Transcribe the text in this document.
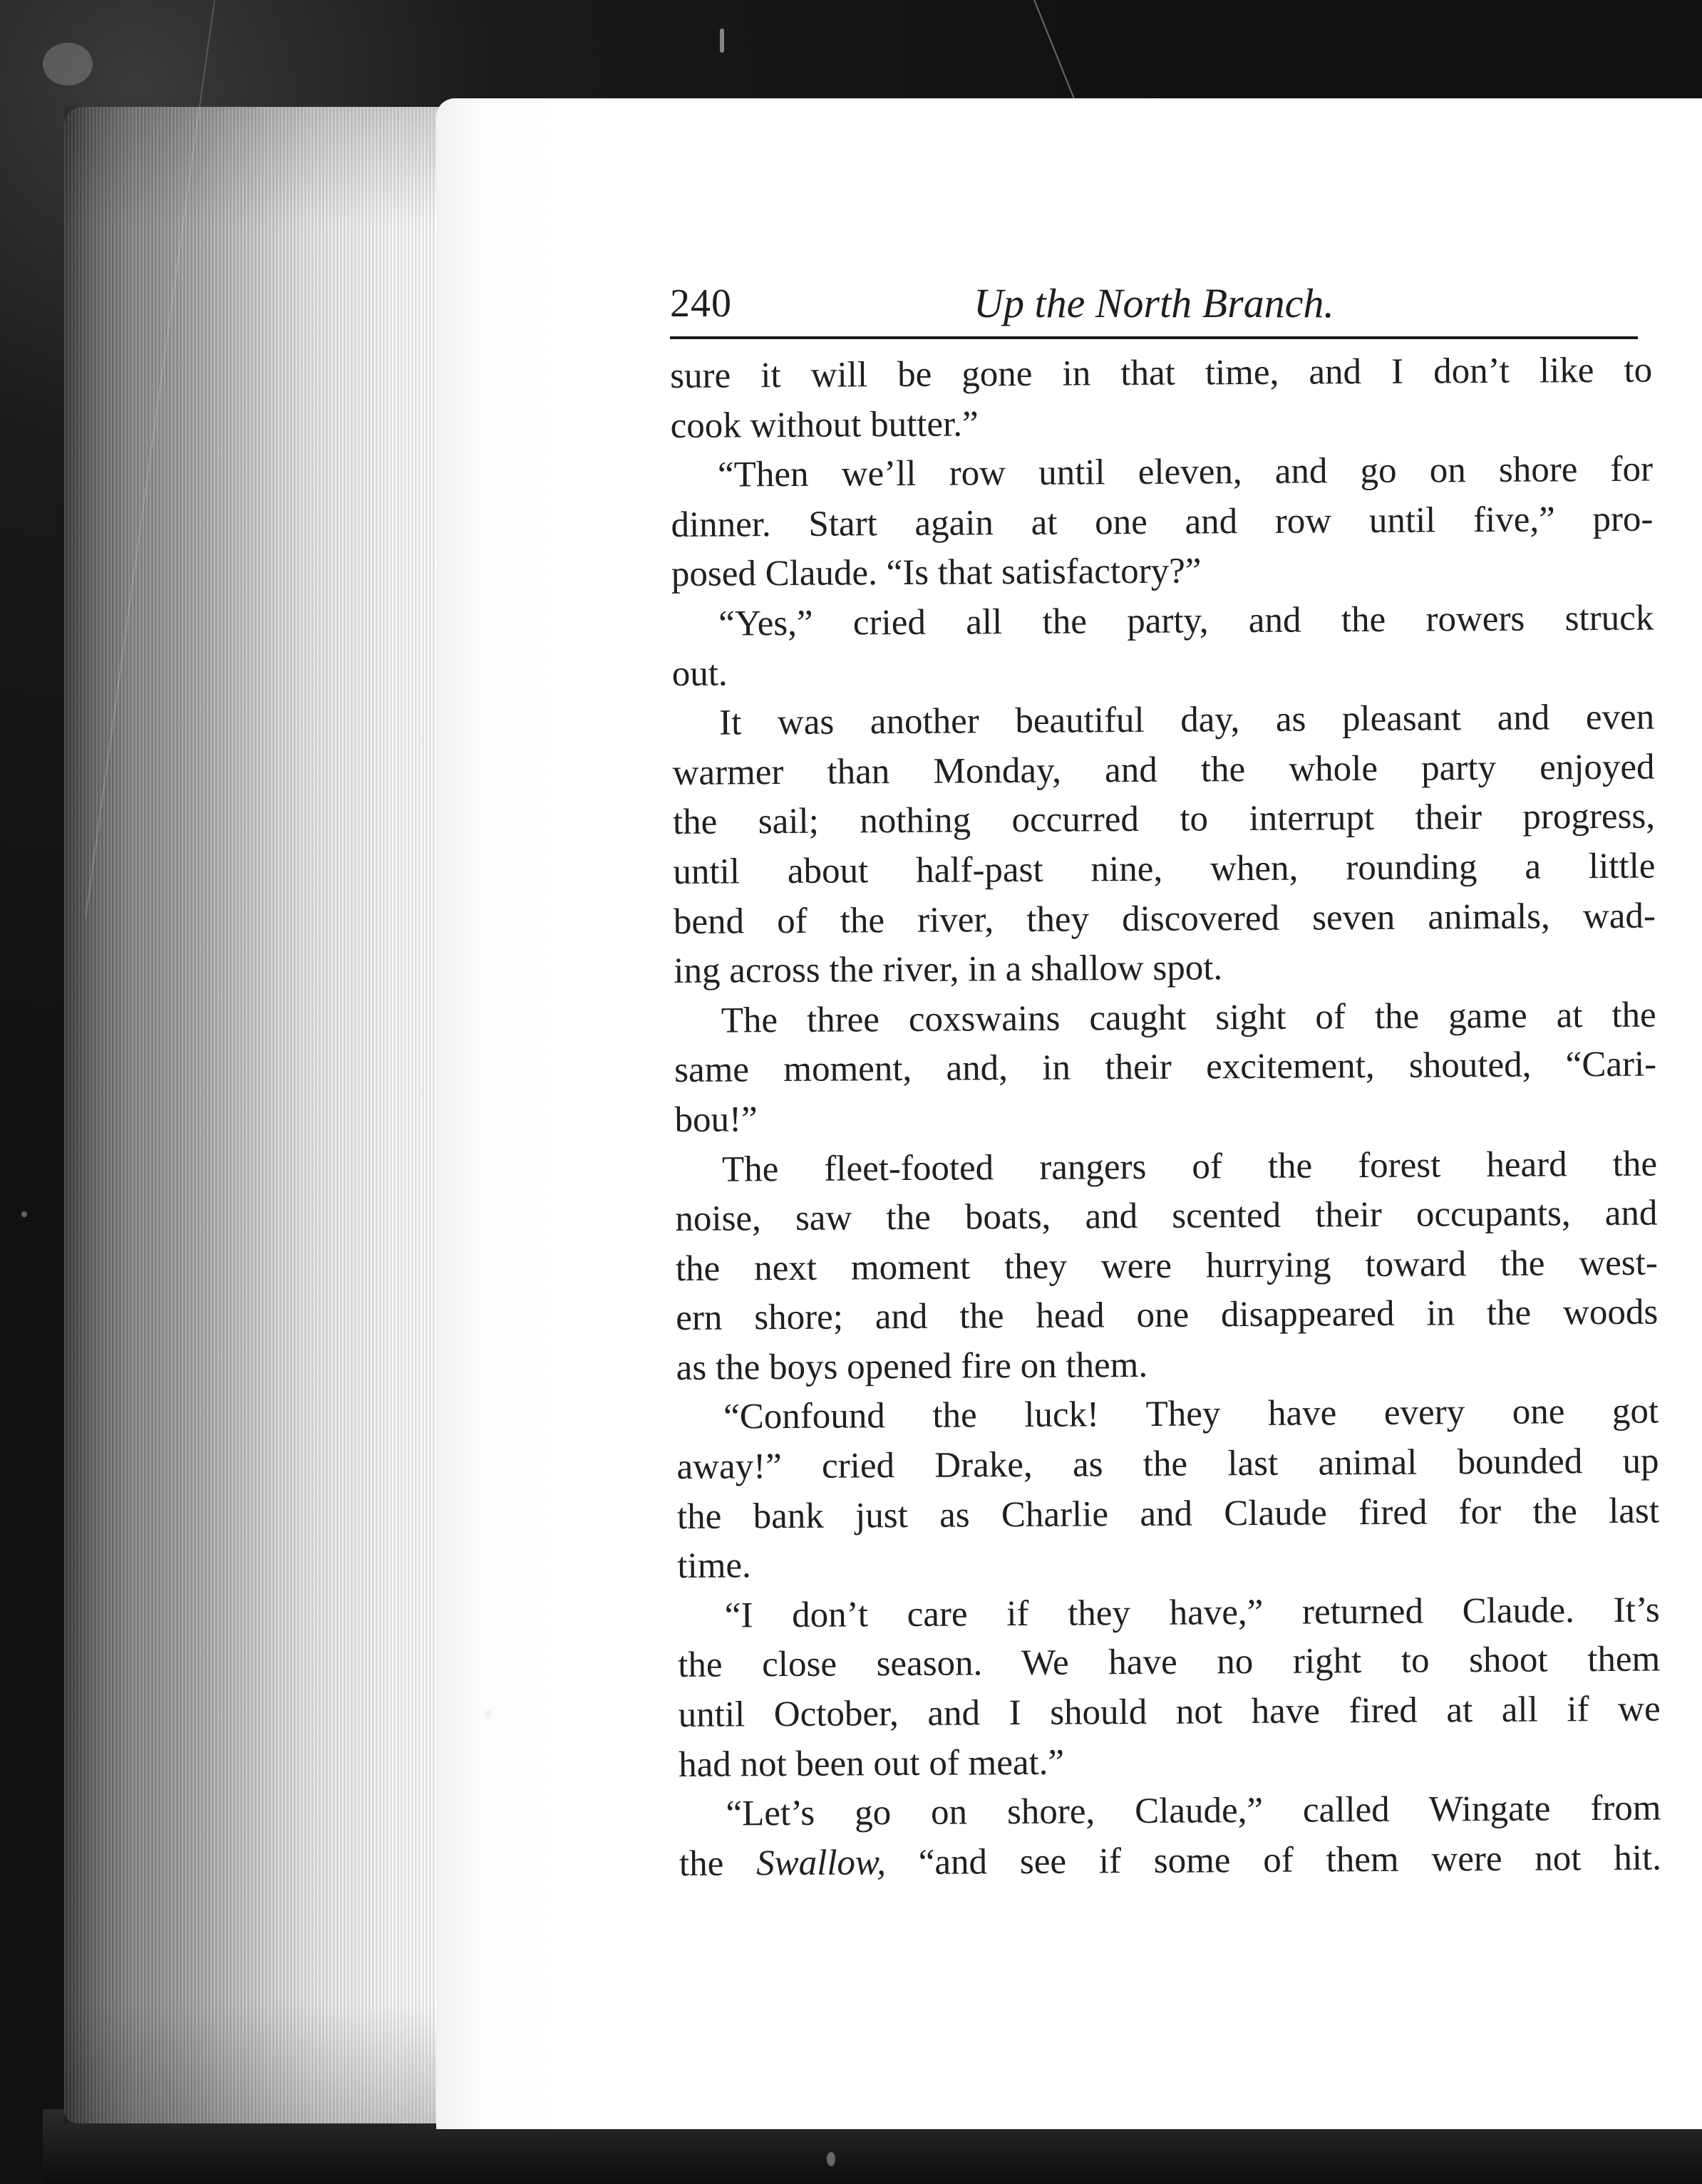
240	Up the North Branch.

sure it will be gone in that time, and I don’t like to
cook without butter.”

“Then we’ll row until eleven, and go on shore for
dinner. Start again at one and row until five,” pro-
posed Claude. “Is that satisfactory?”

“Yes,” cried all the party, and the rowers struck
out.

It was another beautiful day, as pleasant and even
warmer than Monday, and the whole party enjoyed
the sail; nothing occurred to interrupt their progress,
until about half-past nine, when, rounding a little
bend of the river, they discovered seven animals, wad-
ing across the river, in a shallow spot.

The three coxswains caught sight of the game at the
same moment, and, in their excitement, shouted, “Cari-
bou!”

The fleet-footed rangers of the forest heard the
noise, saw the boats, and scented their occupants, and
the next moment they were hurrying toward the west-
ern shore; and the head one disappeared in the woods
as the boys opened fire on them.

“Confound the luck! They have every one got
away!” cried Drake, as the last animal bounded up
the bank just as Charlie and Claude fired for the last
time.

“I don’t care if they have,” returned Claude. It’s
the close season. We have no right to shoot them
until October, and I should not have fired at all if we
had not been out of meat.”

“Let’s go on shore, Claude,” called Wingate from
the Swallow, “and see if some of them were not hit.
